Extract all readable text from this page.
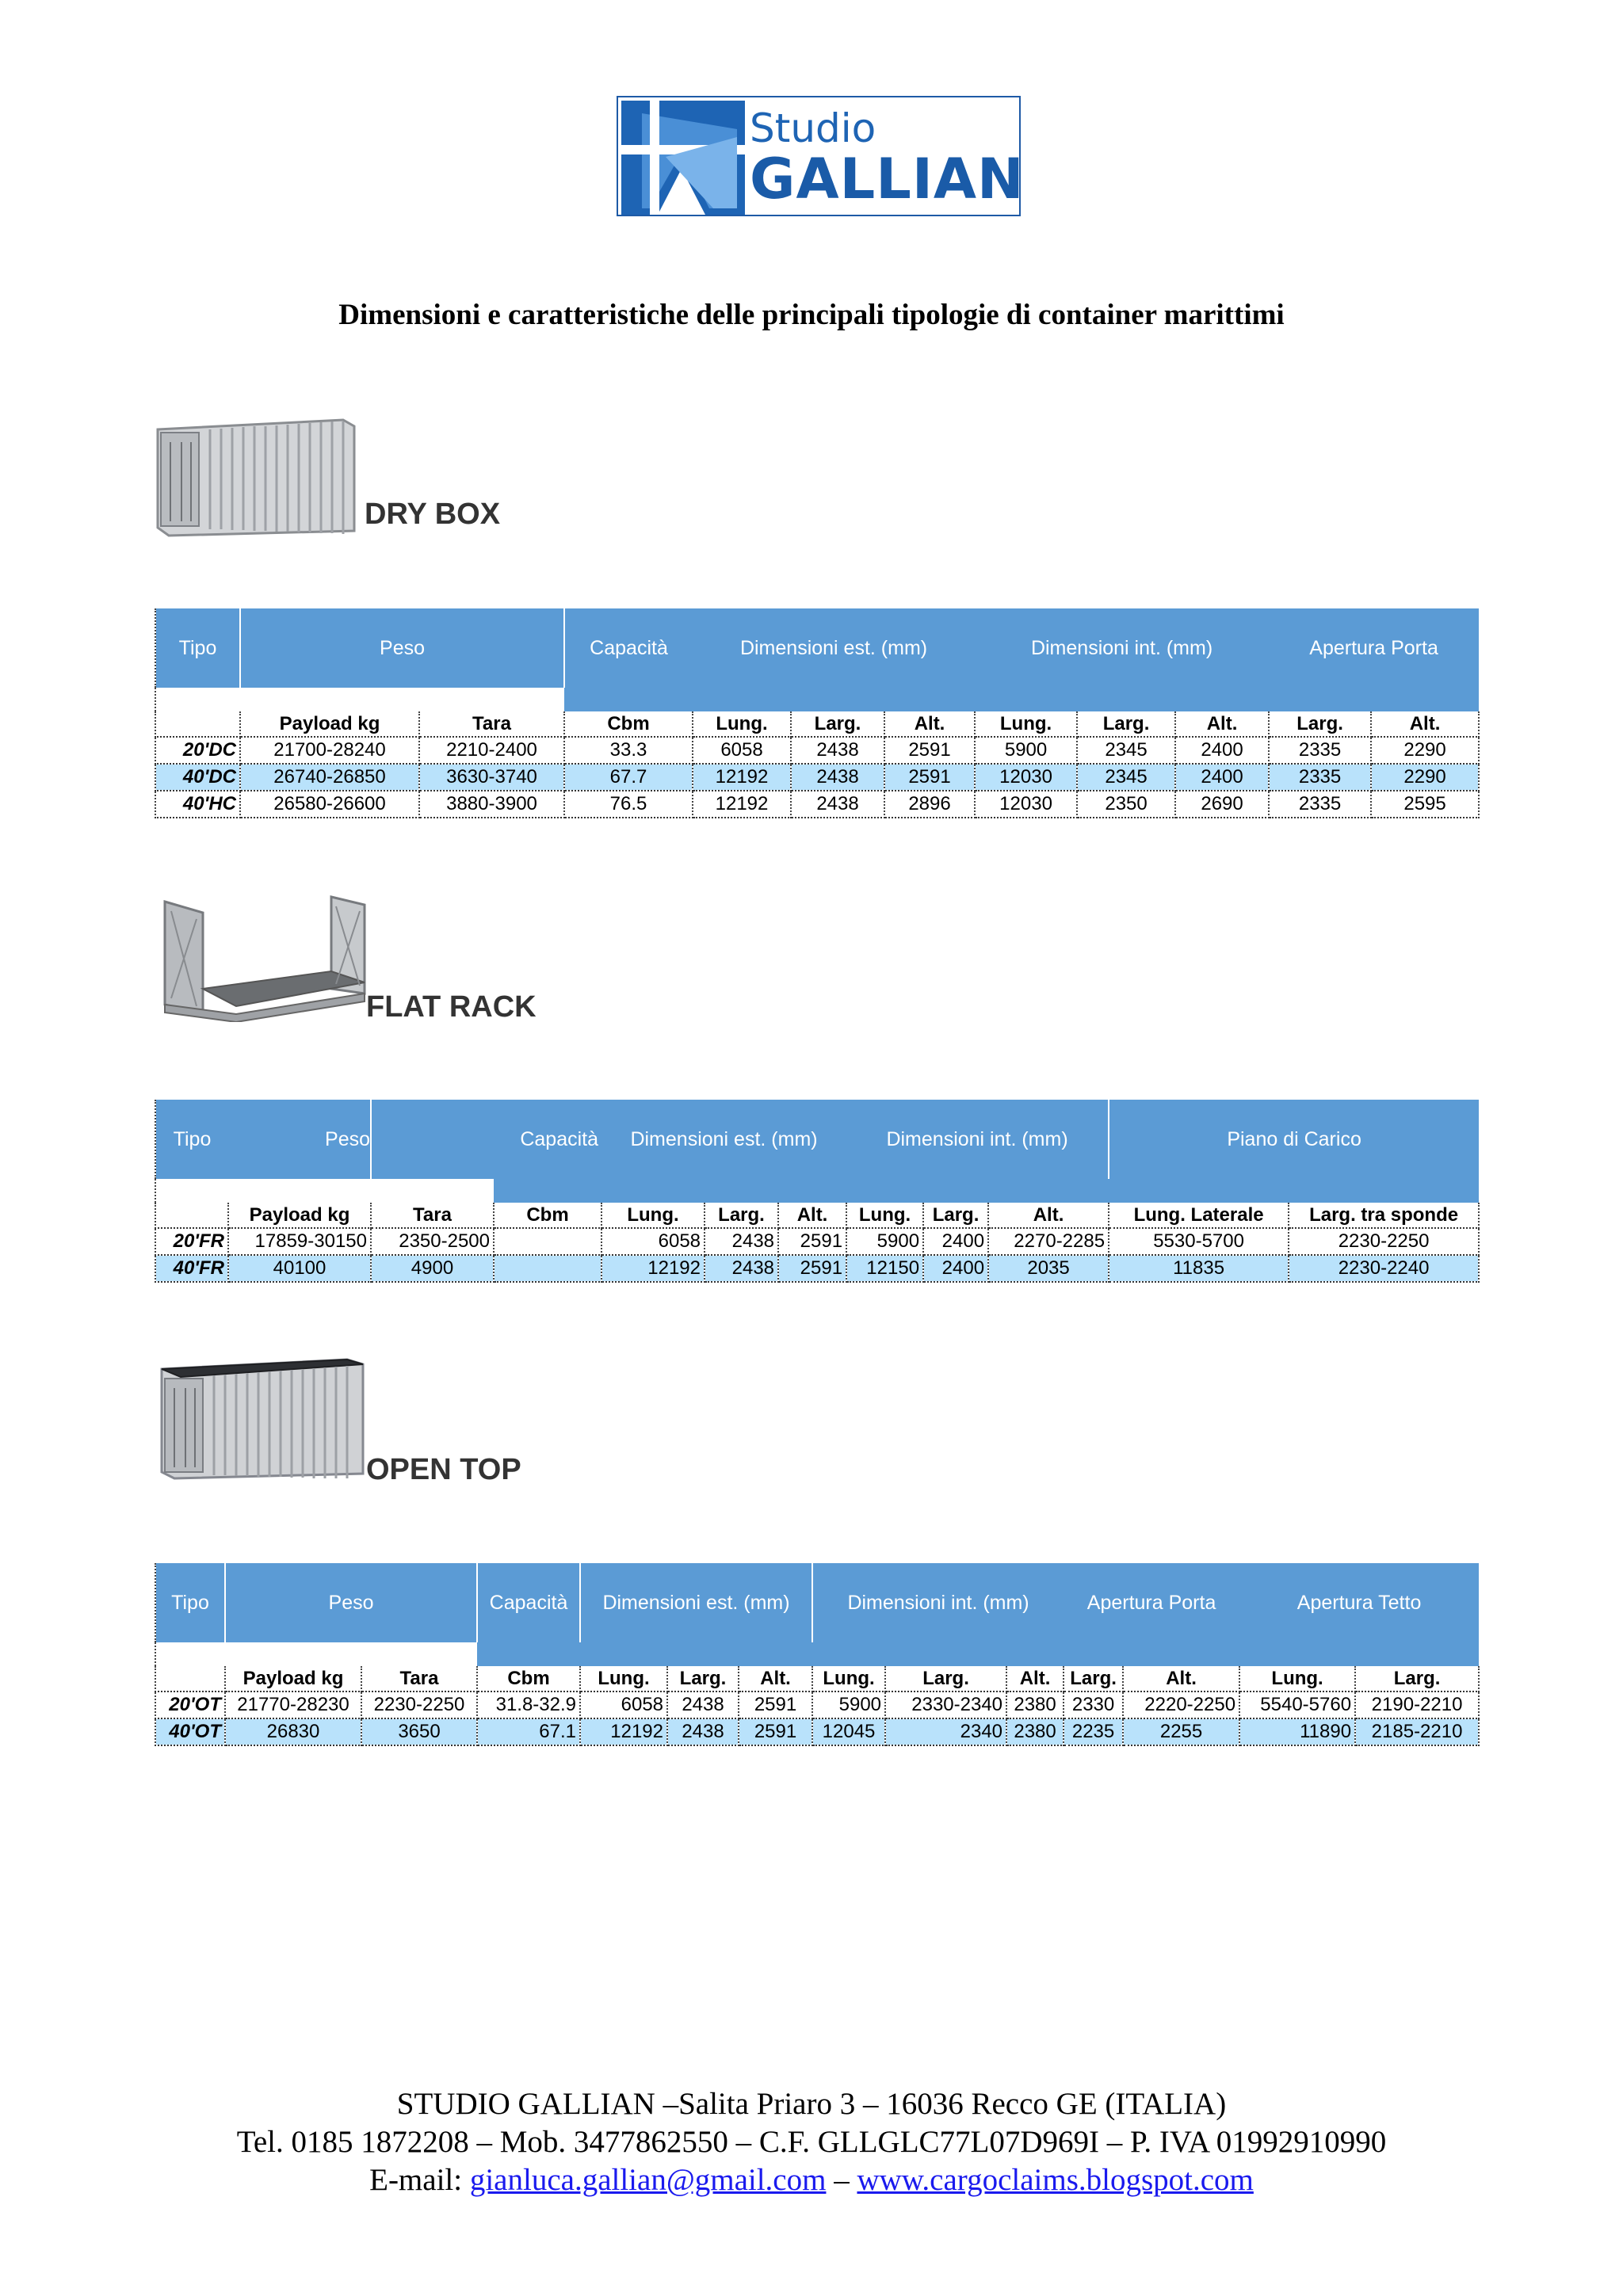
Studio
GALLIAN
Dimensioni e caratteristiche delle principali tipologie di container marittimi
DRY BOX
Tipo	Peso		Capacità	Dimensioni est. (mm)			Dimensioni int. (mm)			Apertura Porta	

	Payload kg	Tara	Cbm	Lung.	Larg.	Alt.	Lung.	Larg.	Alt.	Larg.	Alt.
20'DC	21700-28240	2210-2400	33.3	6058	2438	2591	5900	2345	2400	2335	2290
40'DC	26740-26850	3630-3740	67.7	12192	2438	2591	12030	2345	2400	2335	2290
40'HC	26580-26600	3880-3900	76.5	12192	2438	2896	12030	2350	2690	2335	2595
FLAT RACK
Tipo	Peso	Capacità		Dimensioni est. (mm)			Dimensioni int. (mm)			Piano di Carico	

	Payload kg	Tara	Cbm	Lung.	Larg.	Alt.	Lung.	Larg.	Alt.	Lung. Laterale	Larg. tra sponde
20'FR	17859-30150	2350-2500		6058	2438	2591	5900	2400	2270-2285	5530-5700	2230-2250
40'FR	40100	4900		12192	2438	2591	12150	2400	2035	11835	2230-2240
OPEN TOP
Tipo	Peso		Capacità	Dimensioni est. (mm)			Dimensioni int. (mm)			Apertura Porta		Apertura Tetto	

	Payload kg	Tara	Cbm	Lung.	Larg.	Alt.	Lung.	Larg.	Alt.	Larg.	Alt.	Lung.	Larg.
20'OT	21770-28230	2230-2250	31.8-32.9	6058	2438	2591	5900	2330-2340	2380	2330	2220-2250	5540-5760	2190-2210
40'OT	26830	3650	67.1	12192	2438	2591	12045	2340	2380	2235	2255	11890	2185-2210
STUDIO GALLIAN –Salita Priaro 3 – 16036 Recco GE (ITALIA)
Tel. 0185 1872208 – Mob. 3477862550 – C.F. GLLGLC77L07D969I – P. IVA 01992910990
E-mail: gianluca.gallian@gmail.com – www.cargoclaims.blogspot.com
